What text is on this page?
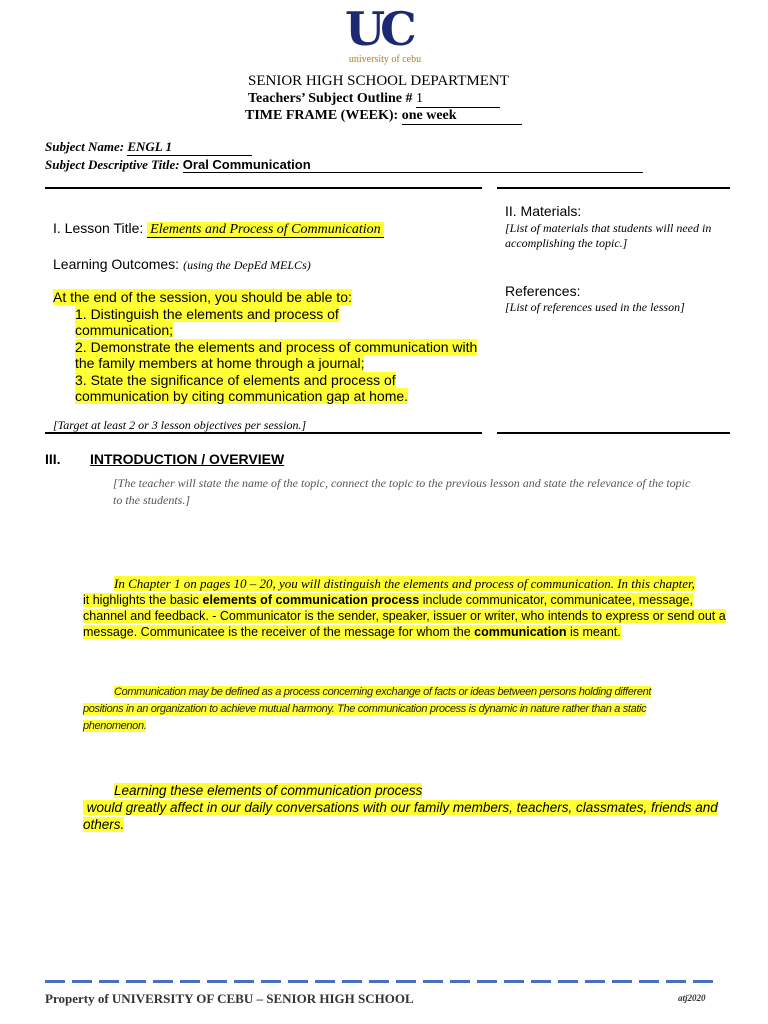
UC
university of cebu
SENIOR HIGH SCHOOL DEPARTMENT
Teachers’ Subject Outline # 1
TIME FRAME (WEEK): one week
Subject Name: ENGL 1
Subject Descriptive Title: Oral Communication
I. Lesson Title: Elements and Process of Communication
Learning Outcomes: (using the DepEd MELCs)
At the end of the session, you should be able to:
1. Distinguish the elements and process of
communication;
2. Demonstrate the elements and process of communication with
the family members at home through a journal;
3. State the significance of elements and process of
communication by citing communication gap at home.
[Target at least 2 or 3 lesson objectives per session.]
II. Materials:
[List of materials that students will need in
accomplishing the topic.]
References:
[List of references used in the lesson]
III. INTRODUCTION / OVERVIEW
[The teacher will state the name of the topic, connect the topic to the previous lesson and state the relevance of the topic
to the students.]
In Chapter 1 on pages 10 – 20, you will distinguish the elements and process of communication. In this chapter,
it highlights the basic elements of communication process include communicator, communicatee, message,
channel and feedback. - Communicator is the sender, speaker, issuer or writer, who intends to express or send out a
message. Communicatee is the receiver of the message for whom the communication is meant.
Communication may be defined as a process concerning exchange of facts or ideas between persons holding different
positions in an organization to achieve mutual harmony. The communication process is dynamic in nature rather than a static
phenomenon.
Learning these elements of communication process
would greatly affect in our daily conversations with our family members, teachers, classmates, friends and
others.
Property of UNIVERSITY OF CEBU – SENIOR HIGH SCHOOL	atj2020
